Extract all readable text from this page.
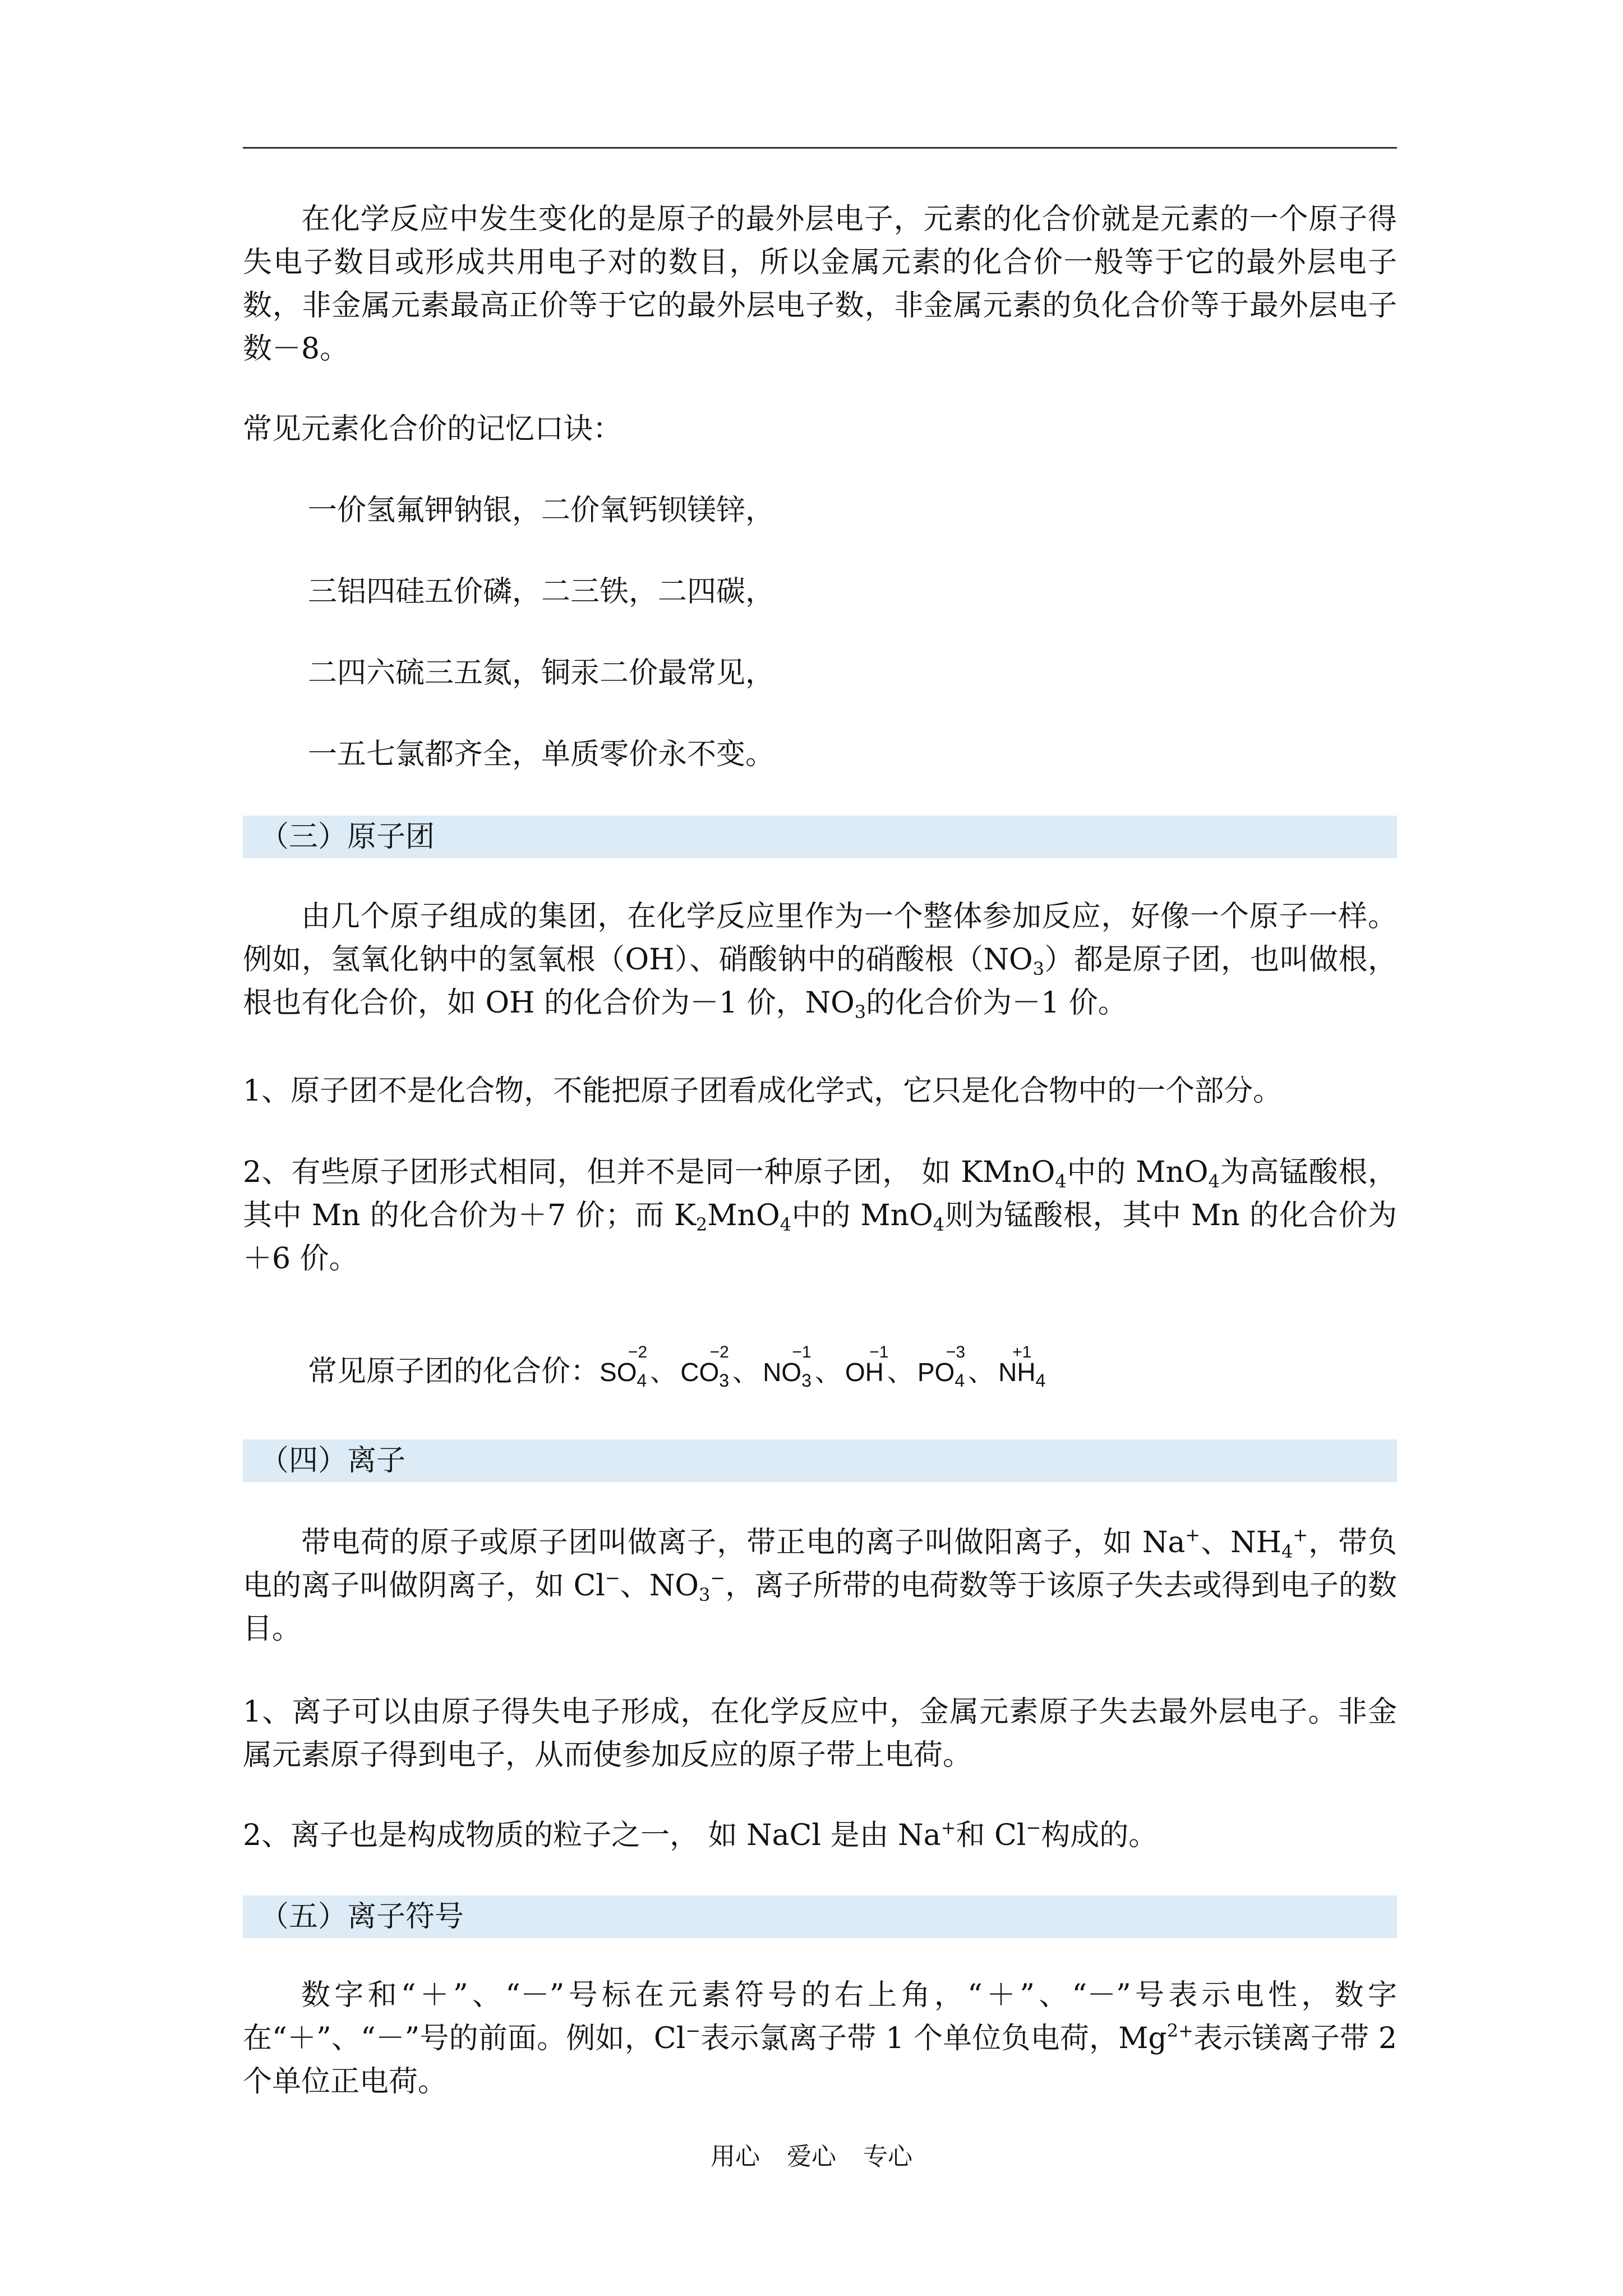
在化学反应中发生变化的是原子的最外层电子，元素的化合价就是元素的一个原子得失电子数目或形成共用电子对的数目，所以金属元素的化合价一般等于它的最外层电子数，非金属元素最高正价等于它的最外层电子数，非金属元素的负化合价等于最外层电子数－8。

常见元素化合价的记忆口诀：

一价氢氟钾钠银，二价氧钙钡镁锌，

三铝四硅五价磷，二三铁，二四碳，

二四六硫三五氮，铜汞二价最常见，

一五七氯都齐全，单质零价永不变。

（三）原子团

由几个原子组成的集团，在化学反应里作为一个整体参加反应，好像一个原子一样。例如，氢氧化钠中的氢氧根（OH）、硝酸钠中的硝酸根$(NO_3)$都是原子团，也叫做根，根也有化合价，如 OH 的化合价为－1 价，$NO_3$的化合价为－1 价。

1、原子团不是化合物，不能把原子团看成化学式，它只是化合物中的一个部分。

2、有些原子团形式相同，但并不是同一种原子团， 如 KMnO$_4$中的 MnO$_4$为高锰酸根，其中 Mn 的化合价为＋7 价；而 $K_2MnO_4$中的 MnO$_4$则为锰酸根，其中 Mn 的化合价为＋6 价。

常见原子团的化合价：
−2
$SO_4$ 、
−2
$CO_3$ 、
−1
$NO_3$ 、
−1
OH 、
−3
$PO_4$ 、
+1
$NH_4$

（四）离子

带电荷的原子或原子团叫做离子，带正电的离子叫做阳离子，如 Na+、$NH_4^+$，带负电的离子叫做阴离子，如 Cl−、$NO_3^-$，离子所带的电荷数等于该原子失去或得到电子的数目。

1、离子可以由原子得失电子形成，在化学反应中，金属元素原子失去最外层电子。非金属元素原子得到电子，从而使参加反应的原子带上电荷。

2、离子也是构成物质的粒子之一， 如 NaCl 是由 Na+和 Cl−构成的。

（五）离子符号

数字和“＋”、“－”号标在元素符号的右上角，“＋”、“－”号表示电性，数字在“＋”、“－”号的前面。例如，Cl−表示氯离子带 1 个单位负电荷，$Mg^{2+}$表示镁离子带 2 个单位正电荷。

用心 爱心 专心
